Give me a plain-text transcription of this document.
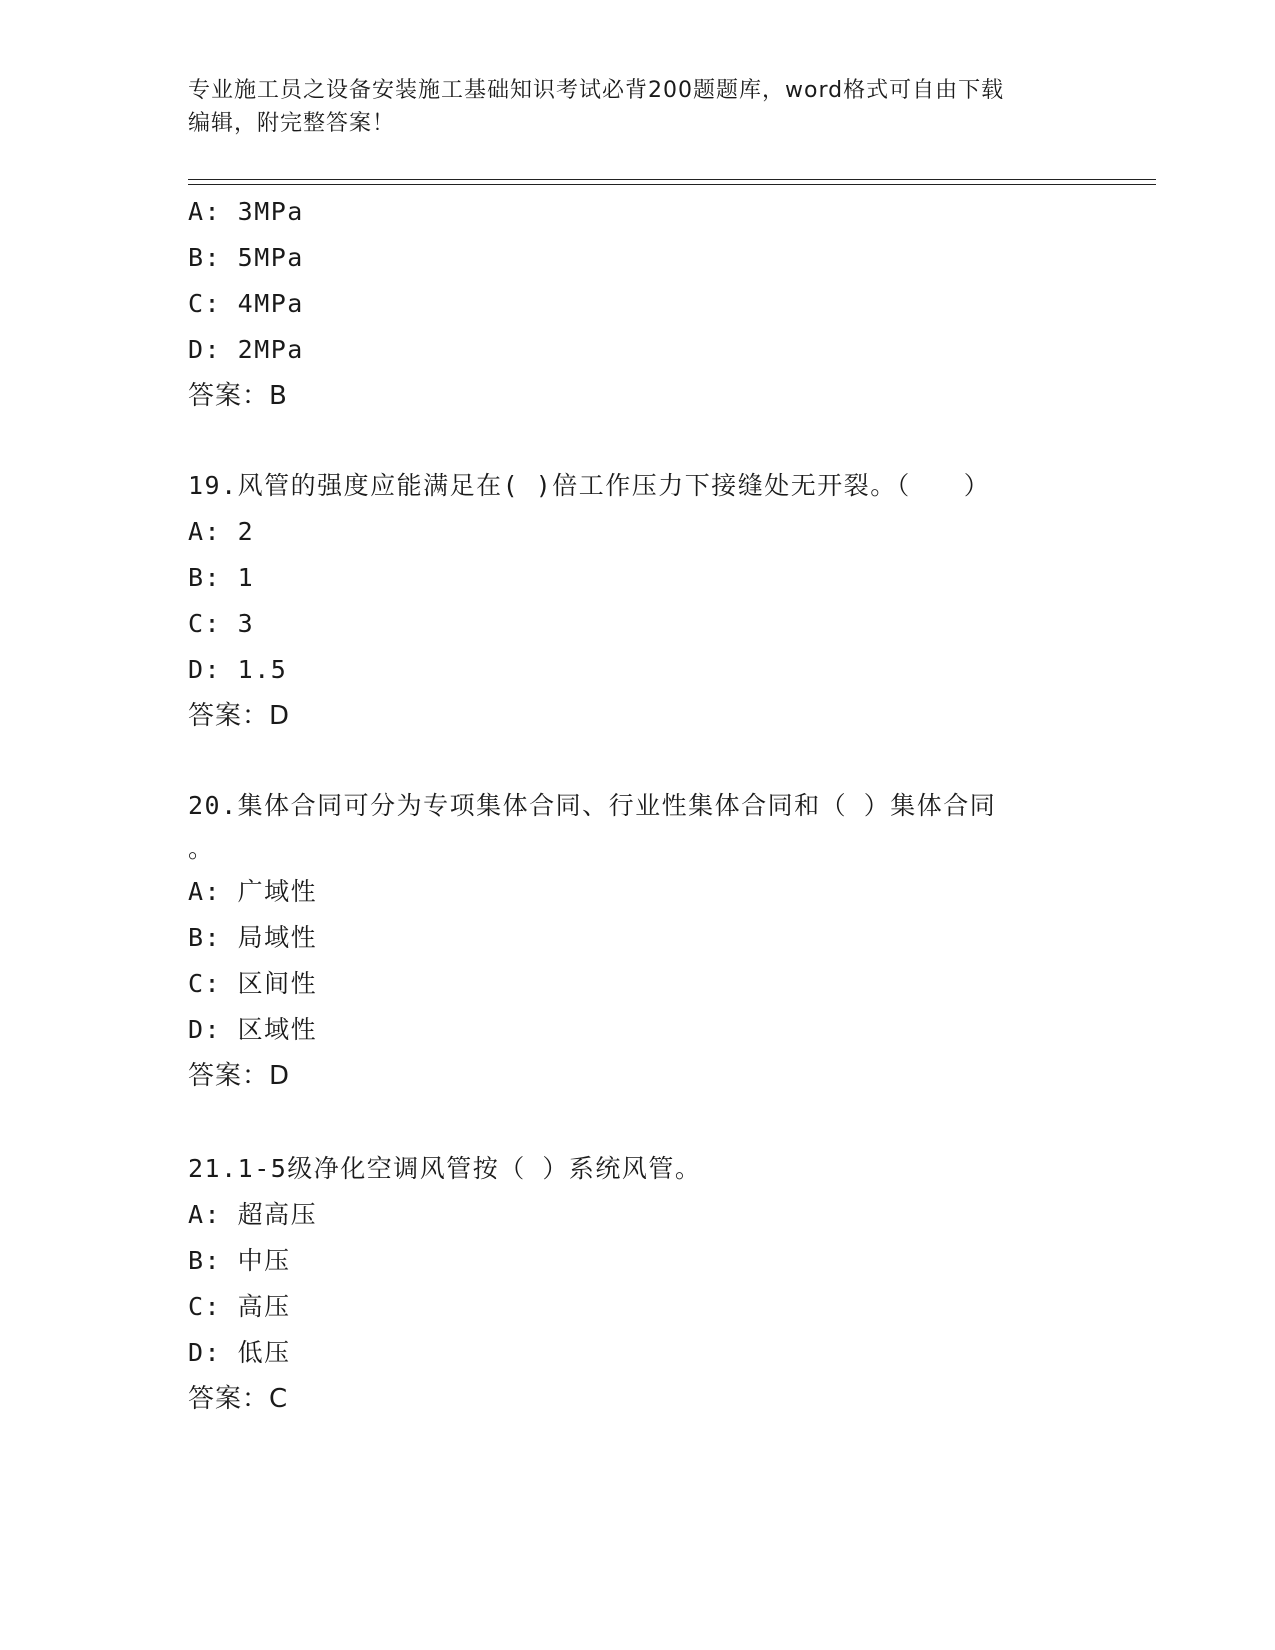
专业施工员之设备安装施工基础知识考试必背200题题库，word格式可自由下载
编辑，附完整答案！
A: 3MPa
B: 5MPa
C: 4MPa
D: 2MPa
答案：B
19.风管的强度应能满足在( )倍工作压力下接缝处无开裂。（　　）
A: 2
B: 1
C: 3
D: 1.5
答案：D
20.集体合同可分为专项集体合同、行业性集体合同和（ ）集体合同
。
A: 广域性
B: 局域性
C: 区间性
D: 区域性
答案：D
21.1-5级净化空调风管按（ ）系统风管。
A: 超高压
B: 中压
C: 高压
D: 低压
答案：C
